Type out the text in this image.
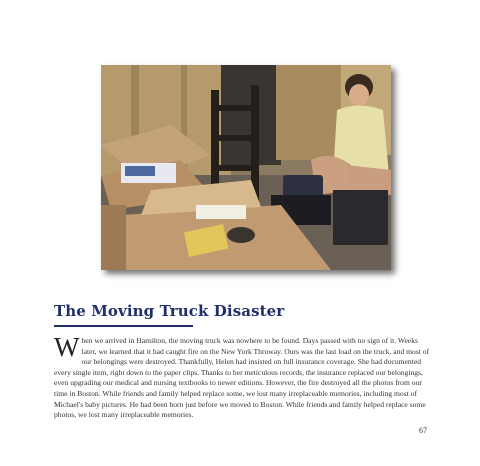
The Moving Truck Disaster

When we arrived in Hamilton, the moving truck was nowhere to be found. Days passed with no sign of it. Weeks later, we learned that it had caught fire on the New York Thruway. Ours was the last load on the truck, and most of our belongings were destroyed. Thankfully, Helen had insisted on full insurance coverage. She had documented every single item, right down to the paper clips. Thanks to her meticulous records, the insurance replaced our belongings, even upgrading our medical and nursing textbooks to newer editions. However, the fire destroyed all the photos from our time in Boston. While friends and family helped replace some, we lost many irreplaceable memories, including most of Michael's baby pictures. He had been born just before we moved to Boston. While friends and family helped replace some photos, we lost many irreplaceable memories.

67
